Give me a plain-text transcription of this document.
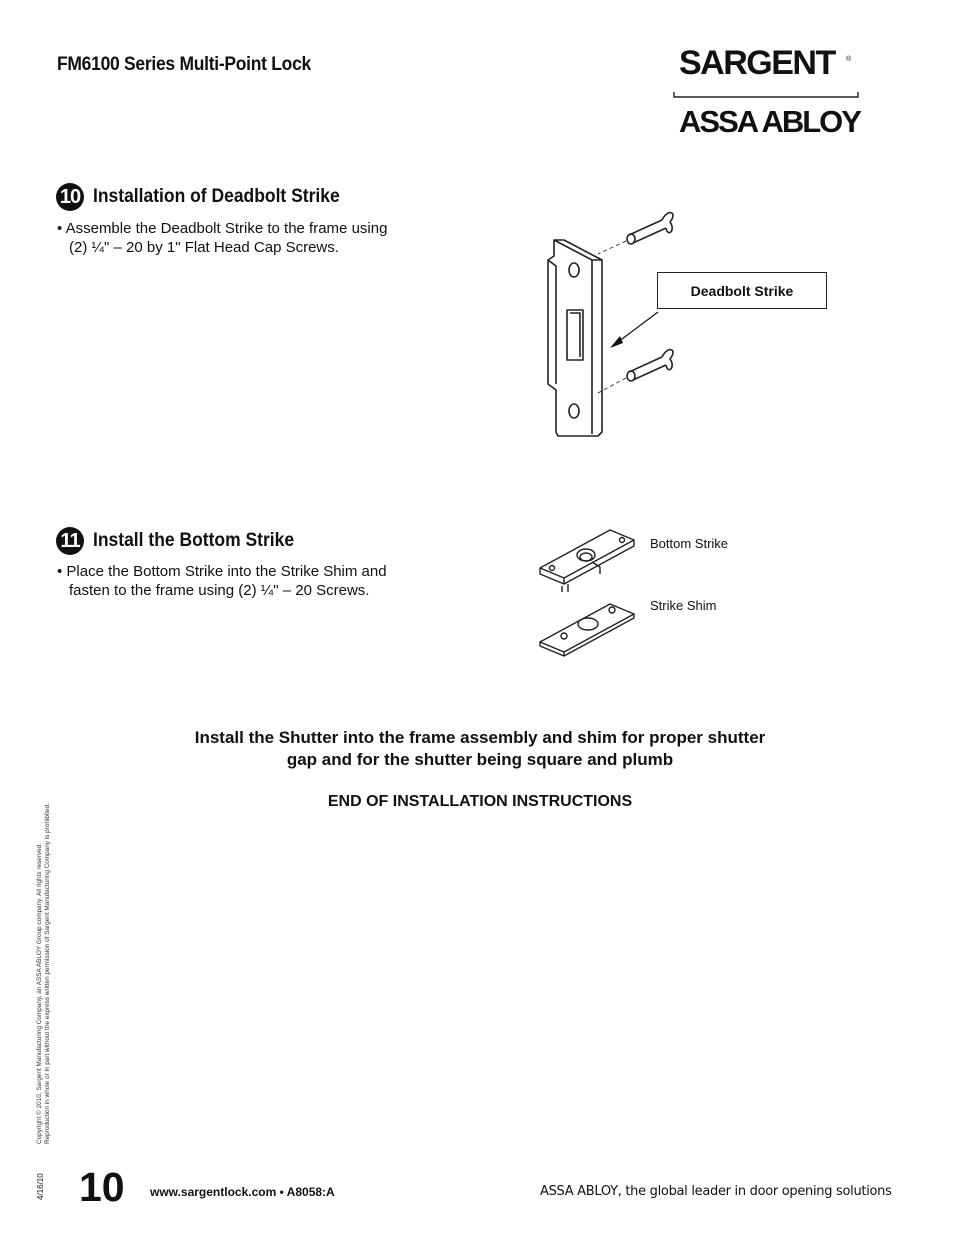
FM6100 Series Multi-Point Lock	SARGENT ®
ASSA ABLOY
10 Installation of Deadbolt Strike
• Assemble the Deadbolt Strike to the frame using
(2) ¼" – 20 by 1" Flat Head Cap Screws.
Deadbolt Strike
11 Install the Bottom Strike
• Place the Bottom Strike into the Strike Shim and
fasten to the frame using (2) ¼" – 20 Screws.
Bottom Strike
Strike Shim
Install the Shutter into the frame assembly and shim for proper shutter
gap and for the shutter being square and plumb
END OF INSTALLATION INSTRUCTIONS
Copyright © 2010, Sargent Manufacturing Company, an ASSA ABLOY Group company. All rights reserved. Reproduction in whole or in part without the express written permission of Sargent Manufacturing Company is prohibited.
4/16/10 10 www.sargentlock.com • A8058:A	ASSA ABLOY, the global leader in door opening solutions
